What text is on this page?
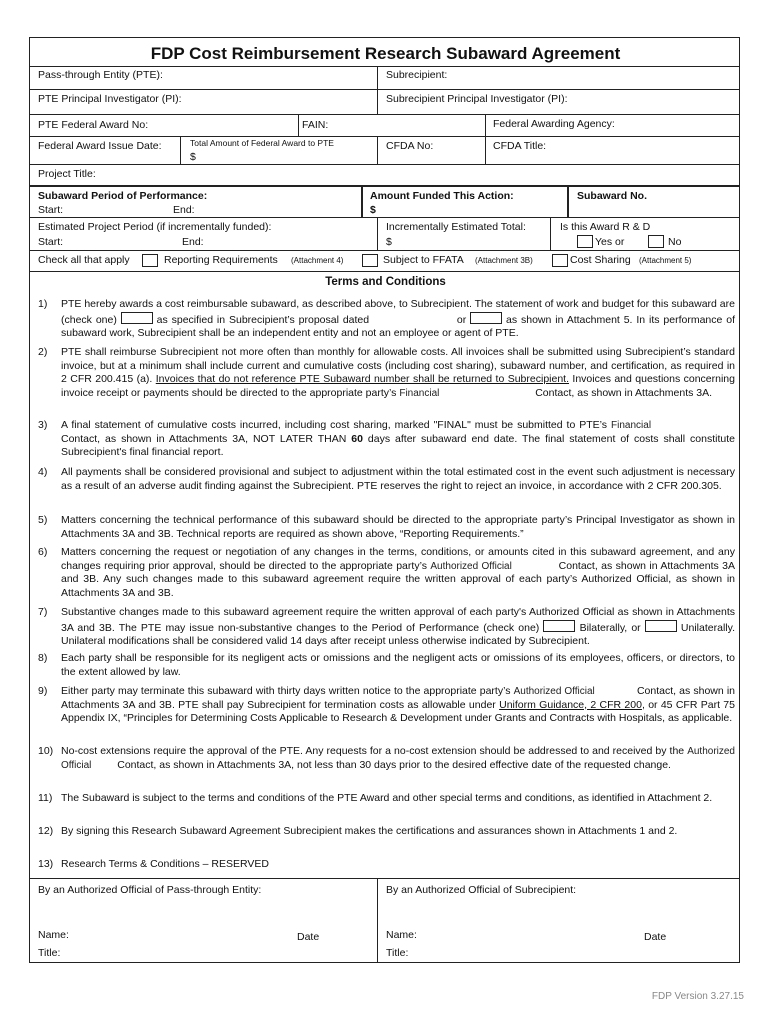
FDP Cost Reimbursement Research Subaward Agreement
Pass-through Entity (PTE):	Subrecipient:
PTE Principal Investigator (PI):	Subrecipient Principal Investigator (PI):
PTE Federal Award No:	FAIN:	Federal Awarding Agency:
Federal Award Issue Date:	Total Amount of Federal Award to PTE
$
CFDA No:	CFDA Title:
Project Title:
Subaward Period of Performance:
Start:	End:
Amount Funded This Action:
$
Subaward No.
Estimated Project Period (if incrementally funded):
Start:	End:
Incrementally Estimated Total:
$
Is this Award R & D
Yes or	No
Check all that apply	Reporting Requirements (Attachment 4)	Subject to FFATA (Attachment 3B)	Cost Sharing (Attachment 5)
Terms and Conditions
1) PTE hereby awards a cost reimbursable subaward, as described above, to Subrecipient. The statement of work and budget for this subaward are (check one)	as specified in Subrecipient’s proposal dated	or	as shown in Attachment 5. In its performance of subaward work, Subrecipient shall be an independent entity and not an employee or agent of PTE.
2) PTE shall reimburse Subrecipient not more often than monthly for allowable costs. All invoices shall be submitted using Subrecipient’s standard invoice, but at a minimum shall include current and cumulative costs (including cost sharing), subaward number, and certification, as required in 2 CFR 200.415 (a). Invoices that do not reference PTE Subaward number shall be returned to Subrecipient. Invoices and questions concerning invoice receipt or payments should be directed to the appropriate party’s Financial	Contact, as shown in Attachments 3A.
3) A final statement of cumulative costs incurred, including cost sharing, marked "FINAL" must be submitted to PTE’s Financial  Contact, as shown in Attachments 3A, NOT LATER THAN 60 days after subaward end date. The final statement of costs shall constitute Subrecipient's final financial report.
4) All payments shall be considered provisional and subject to adjustment within the total estimated cost in the event such adjustment is necessary as a result of an adverse audit finding against the Subrecipient. PTE reserves the right to reject an invoice, in accordance with 2 CFR 200.305.
5) Matters concerning the technical performance of this subaward should be directed to the appropriate party’s Principal Investigator as shown in Attachments 3A and 3B. Technical reports are required as shown above, “Reporting Requirements.”
6) Matters concerning the request or negotiation of any changes in the terms, conditions, or amounts cited in this subaward agreement, and any changes requiring prior approval, should be directed to the appropriate party’s Authorized Official	Contact, as shown in Attachments 3A and 3B. Any such changes made to this subaward agreement require the written approval of each party’s Authorized Official, as shown in Attachments 3A and 3B.
7) Substantive changes made to this subaward agreement require the written approval of each party's Authorized Official as shown in Attachments 3A and 3B. The PTE may issue non-substantive changes to the Period of Performance (check one)	Bilaterally, or	Unilaterally. Unilateral modifications shall be considered valid 14 days after receipt unless otherwise indicated by Subrecipient.
8) Each party shall be responsible for its negligent acts or omissions and the negligent acts or omissions of its employees, officers, or directors, to the extent allowed by law.
9) Either party may terminate this subaward with thirty days written notice to the appropriate party’s Authorized Official	Contact, as shown in Attachments 3A and 3B. PTE shall pay Subrecipient for termination costs as allowable under Uniform Guidance, 2 CFR 200, or 45 CFR Part 75 Appendix IX, “Principles for Determining Costs Applicable to Research & Development under Grants and Contracts with Hospitals, as applicable.
10) No-cost extensions require the approval of the PTE. Any requests for a no-cost extension should be addressed to and received by the Authorized Official Contact, as shown in Attachments 3A, not less than 30 days prior to the desired effective date of the requested change.
11) The Subaward is subject to the terms and conditions of the PTE Award and other special terms and conditions, as identified in Attachment 2.
12) By signing this Research Subaward Agreement Subrecipient makes the certifications and assurances shown in Attachments 1 and 2.
13) Research Terms & Conditions – RESERVED
By an Authorized Official of Pass-through Entity:	By an Authorized Official of Subrecipient:
Name:	Date
Title:
Name:	Date
Title:
FDP Version 3.27.15
